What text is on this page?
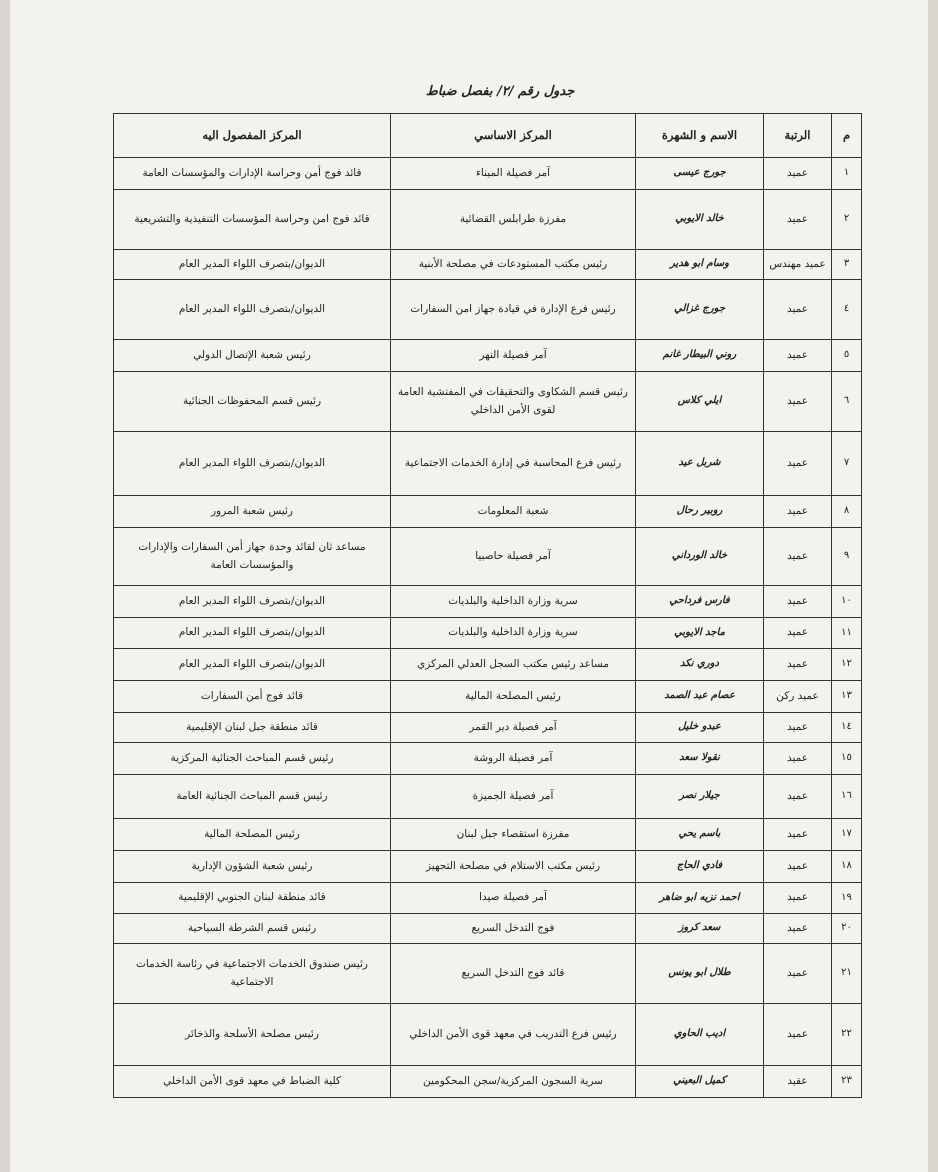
جدول رقم /٢/ بفصل ضباط
م	الرتبة	الاسم و الشهرة	المركز الاساسي	المركز المفصول اليه
١	عميد	جورج عيسى	آمر فصيلة الميناء	قائد فوج أمن وحراسة الإدارات والمؤسسات العامة
٢	عميد	خالد الايوبي	مفرزة طرابلس القضائية	قائد فوج امن وحراسة المؤسسات التنفيذية والتشريعية
٣	عميد مهندس	وسام ابو هدير	رئيس مكتب المستودعات في مصلحة الأبنية	الديوان/بتصرف اللواء المدير العام
٤	عميد	جورج غزالي	رئيس فرع الإدارة في قيادة جهاز امن السفارات	الديوان/بتصرف اللواء المدير العام
٥	عميد	روني البيطار غانم	آمر فصيلة النهر	رئيس شعبة الإتصال الدولي
٦	عميد	ايلي كلاس	رئيس قسم الشكاوى والتحقيقات في المفتشية العامة لقوى الأمن الداخلي	رئيس قسم المحفوظات الجنائية
٧	عميد	شربل عيد	رئيس فرع المحاسبة في إدارة الخدمات الاجتماعية	الديوان/بتصرف اللواء المدير العام
٨	عميد	روبير رحال	شعبة المعلومات	رئيس شعبة المرور
٩	عميد	خالد الورداني	آمر فصيلة حاصبيا	مساعد ثان لقائد وحدة جهاز أمن السفارات والإدارات والمؤسسات العامة
١٠	عميد	فارس فرداحي	سرية وزارة الداخلية والبلديات	الديوان/بتصرف اللواء المدير العام
١١	عميد	ماجد الايوبي	سرية وزارة الداخلية والبلديات	الديوان/بتصرف اللواء المدير العام
١٢	عميد	دوري نكد	مساعد رئيس مكتب السجل العدلي المركزي	الديوان/بتصرف اللواء المدير العام
١٣	عميد ركن	عصام عبد الصمد	رئيس المصلحة المالية	قائد فوج أمن السفارات
١٤	عميد	عبدو خليل	آمر فصيلة دير القمر	قائد منطقة جبل لبنان الإقليمية
١٥	عميد	نقولا سعد	آمر فصيلة الروشة	رئيس قسم المباحث الجنائية المركزية
١٦	عميد	جيلار نصر	آمر فصيلة الجميزة	رئيس قسم المباحث الجنائية العامة
١٧	عميد	باسم يحي	مفرزة استقصاء جبل لبنان	رئيس المصلحة المالية
١٨	عميد	فادي الحاج	رئيس مكتب الاستلام في مصلحة التجهيز	رئيس شعبة الشؤون الإدارية
١٩	عميد	احمد نزيه ابو ضاهر	آمر فصيلة صيدا	قائد منطقة لبنان الجنوبي الإقليمية
٢٠	عميد	سعد كروز	فوج التدخل السريع	رئيس قسم الشرطة السياحية
٢١	عميد	طلال ابو يونس	قائد فوج التدخل السريع	رئيس صندوق الخدمات الاجتماعية في رئاسة الخدمات الاجتماعية
٢٢	عميد	اديب الحاوي	رئيس فرع التدريب في معهد قوى الأمن الداخلي	رئيس مصلحة الأسلحة والذخائر
٢٣	عقيد	كميل البعيني	سرية السجون المركزية/سجن المحكومين	كلية الضباط في معهد قوى الأمن الداخلي
